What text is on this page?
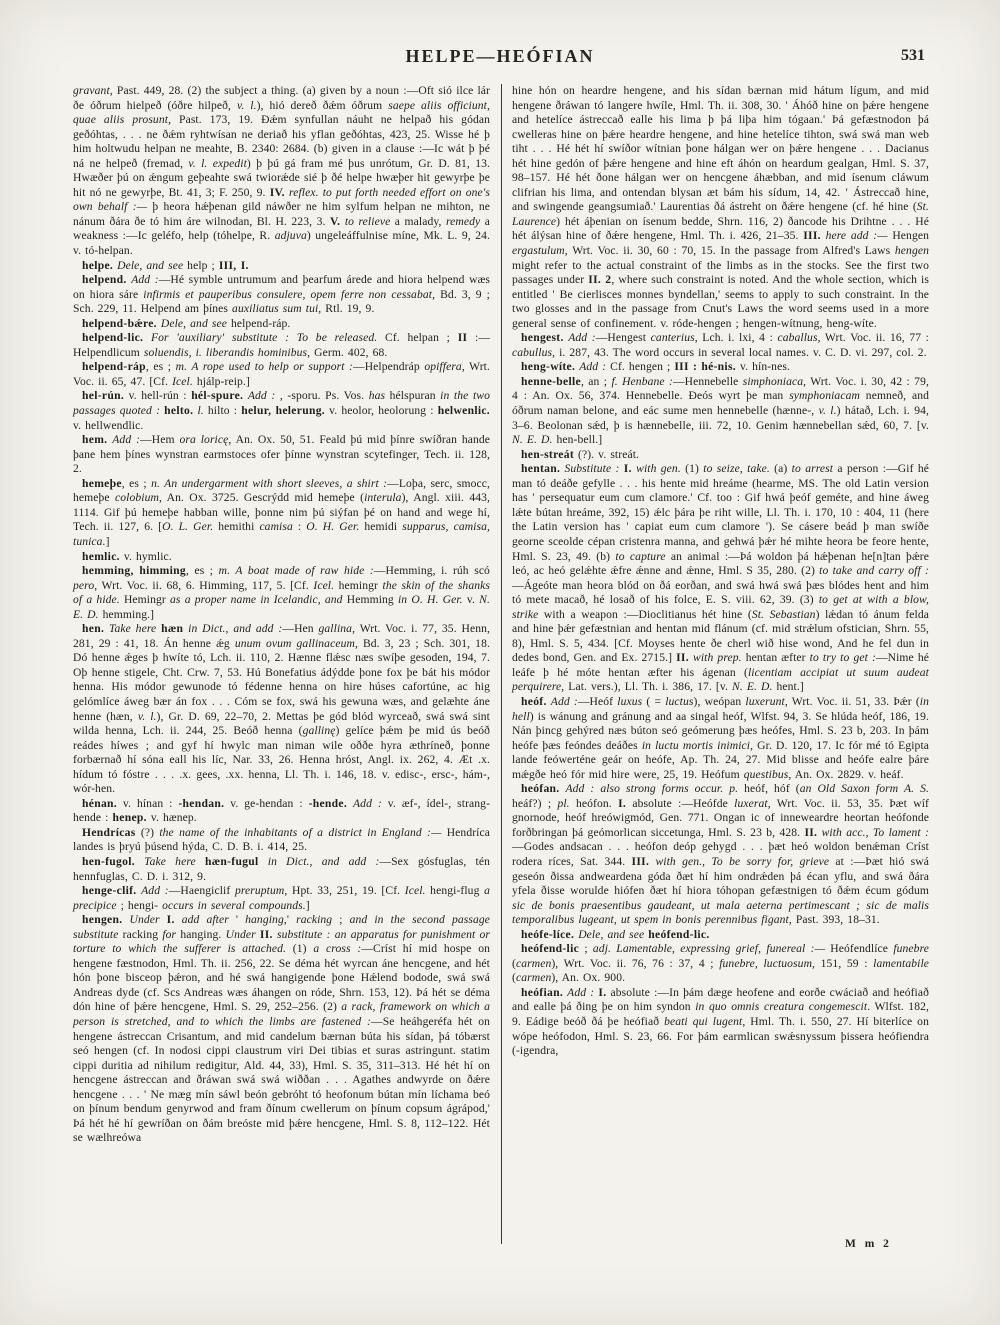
HELPE—HEÓFIAN	531

gravant, Past. 449, 28. (2) the subject a thing. (a) given by a noun :—Oft sió ilce lár ðe óðrum hielpeð (óðre hilpeð, v. l.), hió dereð ðǽm óðrum saepe aliis officiunt, quae aliis prosunt, Past. 173, 19. Ðǽm synfullan náuht ne helpað his gódan geðóhtas, . . . ne ðǽm ryhtwísan ne deriað his yflan geðóhtas, 423, 25. Wisse hé þ him holtwudu helpan ne meahte, B. 2340: 2684. (b) given in a clause :—Ic wát þ þé ná ne helpeð (fremad, v. l. expedit) þ þú gá fram mé þus unrótum, Gr. D. 81, 13. Hwæðer þú on ǽngum geþeahte swá twiorǽde sié þ ðé helpe hwæþer hit gewyrþe þe hit nó ne gewyrþe, Bt. 41, 3; F. 250, 9. IV. reflex. to put forth needed effort on one's own behalf :— þ heora hǽþenan gild náwðer ne him sylfum helpan ne mihton, ne nánum ðára ðe tó him áre wilnodan, Bl. H. 223, 3. V. to relieve a malady, remedy a weakness :—Ic geléfo, help (tóhelpe, R. adjuva) ungeleáffulnise míne, Mk. L. 9, 24. v. tó-helpan.

helpe. Dele, and see help ; III, I.

helpend. Add :—Hé symble untrumum and þearfum árede and hiora helpend wæs on hiora sáre infirmis et pauperibus consulere, opem ferre non cessabat, Bd. 3, 9 ; Sch. 229, 11. Helpend am þínes auxiliatus sum tui, Rtl. 19, 9.

helpend-bǽre. Dele, and see helpend-ráp.

helpend-lic. For 'auxiliary' substitute : To be released. Cf. helpan ; II :—Helpendlicum soluendis, i. liberandis hominibus, Germ. 402, 68.

helpend-ráp, es ; m. A rope used to help or support :—Helpendráp opiffera, Wrt. Voc. ii. 65, 47. [Cf. Icel. hjálp-reip.]

hel-rún. v. hell-rún : hél-spure. Add : , -sporu. Ps. Vos. has hélspuran in the two passages quoted : helto. l. hilto : helur, helerung. v. heolor, heolorung : helwenlic. v. hellwendlic.

hem. Add :—Hem ora loricę, An. Ox. 50, 51. Feald þú mid þínre swíðran hande þane hem þínes wynstran earmstoces ofer þínne wynstran scytefinger, Tech. ii. 128, 2.

hemeþe, es ; n. An undergarment with short sleeves, a shirt :—Loþa, serc, smocc, hemeþe colobium, An. Ox. 3725. Gescrýdd mid hemeþe (interula), Angl. xiii. 443, 1114. Gif þú hemeþe habban wille, þonne nim þú siýfan þé on hand and wege hí, Tech. ii. 127, 6. [O. L. Ger. hemithi camisa : O. H. Ger. hemidi supparus, camisa, tunica.]

hemlic. v. hymlic.

hemming, himming, es ; m. A boat made of raw hide :—Hemming, i. rúh scó pero, Wrt. Voc. ii. 68, 6. Himming, 117, 5. [Cf. Icel. hemingr the skin of the shanks of a hide. Hemingr as a proper name in Icelandic, and Hemming in O. H. Ger. v. N. E. D. hemming.]

hen. Take here hæn in Dict., and add :—Hen gallina, Wrt. Voc. i. 77, 35. Henn, 281, 29 : 41, 18. Án henne ǽg unum ovum gallinaceum, Bd. 3, 23 ; Sch. 301, 18. Dó henne ǽges þ hwíte tó, Lch. ii. 110, 2. Hænne flǽsc næs swíþe gesoden, 194, 7. Oþ henne stigele, Cht. Crw. 7, 53. Hú Bonefatius ádýdde þone fox þe bát his módor henna. His módor gewunode tó fédenne henna on hire húses cafortúne, ac hig gelómlíce áweg bær án fox . . . Cóm se fox, swá his gewuna wæs, and gelæhte áne henne (hæn, v. l.), Gr. D. 69, 22–70, 2. Mettas þe gód blód wyrceað, swá swá sint wilda henna, Lch. ii. 244, 25. Beóð henna (gallinę) gelíce þǽm þe mid ús beóð reádes híwes ; and gyf hí hwylc man niman wile oððe hyra æthríneð, þonne forbærnað hí sóna eall his líc, Nar. 33, 26. Henna hróst, Angl. ix. 262, 4. Æt .x. hídum tó fóstre . . . .x. gees, .xx. henna, Ll. Th. i. 146, 18. v. edisc-, ersc-, hám-, wór-hen.

hénan. v. hínan : -hendan. v. ge-hendan : -hende. Add : v. æf-, ídel-, strang-hende : henep. v. hænep.

Hendrícas (?) the name of the inhabitants of a district in England :— Hendríca landes is þryú þúsend hýda, C. D. B. i. 414, 25.

hen-fugol. Take here hæn-fugul in Dict., and add :—Sex gósfuglas, tén hennfuglas, C. D. i. 312, 9.

henge-clif. Add :—Haengiclif preruptum, Hpt. 33, 251, 19. [Cf. Icel. hengi-flug a precipice ; hengi- occurs in several compounds.]

hengen. Under I. add after ' hanging,' racking ; and in the second passage substitute racking for hanging. Under II. substitute : an apparatus for punishment or torture to which the sufferer is attached. (1) a cross :—Críst hí mid hospe on hengene fæstnodon, Hml. Th. ii. 256, 22. Se déma hét wyrcan áne hencgene, and hét hón þone bisceop þǽron, and hé swá hangigende þone Hǽlend bodode, swá swá Andreas dyde (cf. Scs Andreas wæs áhangen on róde, Shrn. 153, 12). Þá hét se déma dón hine of þǽre hencgene, Hml. S. 29, 252–256. (2) a rack, framework on which a person is stretched, and to which the limbs are fastened :—Se heáhgeréfa hét on hengene ástreccan Crisantum, and mid candelum bærnan búta his sídan, þá tóbærst seó hengen (cf. In nodosi cippi claustrum viri Dei tibias et suras astringunt. statim cippi duritia ad nihilum redigitur, Ald. 44, 33), Hml. S. 35, 311–313. Hé hét hí on hencgene ástreccan and ðráwan swá swá wiððan . . . Agathes andwyrde on ðǽre hencgene . . . ' Ne mæg mín sáwl beón gebróht tó heofonum bútan mín líchama beó on þínum bendum genyrwod and fram ðínum cwellerum on þínum copsum ágrápod,' Þá hét hé hí gewríðan on ðám breóste mid þǽre hencgene, Hml. S. 8, 112–122. Hét se wælhreówa

hine hón on heardre hengene, and his sídan bærnan mid hátum lígum, and mid hengene ðráwan tó langere hwíle, Hml. Th. ii. 308, 30. ' Áhóð hine on þǽre hengene and hetelíce ástreccað ealle his lima þ þá liþa him tógaan.' Þá gefæstnodon þá cwelleras hine on þǽre heardre hengene, and hine hetelíce tihton, swá swá man web tiht . . . Hé hét hí swíðor wítnian þone hálgan wer on þǽre hengene . . . Dacianus hét hine gedón of þǽre hengene and hine eft áhón on heardum gealgan, Hml. S. 37, 98–157. Hé hét ðone hálgan wer on hencgene áhæbban, and mid ísenum cláwum clifrian his lima, and ontendan blysan æt bám his sídum, 14, 42. ' Ástreccað hine, and swingende geangsumiað.' Laurentias ðá ástreht on ðǽre hengene (cf. hé hine (St. Laurence) hét áþenian on ísenum bedde, Shrn. 116, 2) ðancode his Drihtne . . . Hé hét álýsan hine of ðǽre hengene, Hml. Th. i. 426, 21–35. III. here add :— Hengen ergastulum, Wrt. Voc. ii. 30, 60 : 70, 15. In the passage from Alfred's Laws hengen might refer to the actual constraint of the limbs as in the stocks. See the first two passages under II. 2, where such constraint is noted. And the whole section, which is entitled ' Be cierlisces monnes byndellan,' seems to apply to such constraint. In the two glosses and in the passage from Cnut's Laws the word seems used in a more general sense of confinement. v. róde-hengen ; hengen-wítnung, heng-wíte.

hengest. Add :—Hengest canterius, Lch. i. lxi, 4 : caballus, Wrt. Voc. ii. 16, 77 : cabullus, i. 287, 43. The word occurs in several local names. v. C. D. vi. 297, col. 2.

heng-wíte. Add : Cf. hengen ; III : hé-nis. v. hín-nes.

henne-belle, an ; f. Henbane :—Hennebelle simphoniaca, Wrt. Voc. i. 30, 42 : 79, 4 : An. Ox. 56, 374. Hennebelle. Ðeós wyrt þe man symphoniacam nemneð, and óðrum naman belone, and eác sume men hennebelle (hænne-, v. l.) hátað, Lch. i. 94, 3–6. Beolonan sǽd, þ is hænnebelle, iii. 72, 10. Genim hænnebellan sǽd, 60, 7. [v. N. E. D. hen-bell.]

hen-streát (?). v. streát.

hentan. Substitute : I. with gen. (1) to seize, take. (a) to arrest a person :—Gif hé man tó deáðe gefylle . . . his hente mid hreáme (hearme, MS. The old Latin version has ' persequatur eum cum clamore.' Cf. too : Gif hwá þeóf geméte, and hine áweg lǽte bútan hreáme, 392, 15) ǽlc þára þe riht wille, Ll. Th. i. 170, 10 : 404, 11 (here the Latin version has ' capiat eum cum clamore '). Se cásere beád þ man swíðe georne sceolde cépan cristenra manna, and gehwá þǽr hé mihte heora be feore hente, Hml. S. 23, 49. (b) to capture an animal :—Þá woldon þá hǽþenan he[n]tan þǽre leó, ac heó gelǽhte ǽfre ǽnne and ǽnne, Hml. S 35, 280. (2) to take and carry off :—Ágeóte man heora blód on ðá eorðan, and swá hwá swá þæs blódes hent and him tó mete macað, hé losað of his folce, E. S. viii. 62, 39. (3) to get at with a blow, strike with a weapon :—Dioclitianus hét hine (St. Sebastian) lǽdan tó ánum felda and hine þǽr gefæstnian and hentan mid flánum (cf. mid strǽlum ofstician, Shrn. 55, 8), Hml. S. 5, 434. [Cf. Moyses hente ðe cherl wið hise wond, And he fel dun in dedes bond, Gen. and Ex. 2715.] II. with prep. hentan æfter to try to get :—Nime hé leáfe þ hé móte hentan æfter his ágenan (licentiam accipiat ut suum audeat perquirere, Lat. vers.), Ll. Th. i. 386, 17. [v. N. E. D. hent.]

heóf. Add :—Heóf luxus ( = luctus), weópan luxerunt, Wrt. Voc. ii. 51, 33. Þǽr (in hell) is wánung and gránung and aa singal heóf, Wlfst. 94, 3. Se hlúda heóf, 186, 19. Nán þincg gehýred næs búton seó geómerung þæs heófes, Hml. S. 23 b, 203. In þám heófe þæs feóndes deáðes in luctu mortis inimici, Gr. D. 120, 17. Ic fór mé tó Egipta lande feówerténe geár on heófe, Ap. Th. 24, 27. Mid blisse and heófe ealre þáre mǽgðe heó fór mid hire were, 25, 19. Heófum questibus, An. Ox. 2829. v. heáf.

heófan. Add : also strong forms occur. p. heóf, hóf (an Old Saxon form A. S. heáf?) ; pl. heófon. I. absolute :—Heófde luxerat, Wrt. Voc. ii. 53, 35. Þæt wíf gnornode, heóf hreówigmód, Gen. 771. Ongan ic of inneweardre heortan heófonde forðbringan þá geómorlican siccetunga, Hml. S. 23 b, 428. II. with acc., To lament :—Godes andsacan . . . heófon deóp gehygd . . . þæt heó woldon benǽman Críst rodera ríces, Sat. 344. III. with gen., To be sorry for, grieve at :—Þæt hió swá geseón ðissa andweardena góda ðæt hí him ondrǽden þá écan yflu, and swá ðára yfela ðisse worulde hiófen ðæt hí hiora tóhopan gefæstnigen tó ðǽm écum gódum sic de bonis praesentibus gaudeant, ut mala aeterna pertimescant ; sic de malis temporalibus lugeant, ut spem in bonis perennibus figant, Past. 393, 18–31.

heófe-líce. Dele, and see heófend-lic.

heófend-lic ; adj. Lamentable, expressing grief, funereal :— Heófendlíce funebre (carmen), Wrt. Voc. ii. 76, 76 : 37, 4 ; funebre, luctuosum, 151, 59 : lamentabile (carmen), An. Ox. 900.

heófian. Add : I. absolute :—In þám dæge heofene and eorðe cwáciað and heófiað and ealle þá ðing þe on him syndon in quo omnis creatura congemescit. Wlfst. 182, 9. Eádige beóð ðá þe heófiað beati qui lugent, Hml. Th. i. 550, 27. Hí biterlíce on wópe heófodon, Hml. S. 23, 66. For þám earmlican swǽsnyssum þissera heófiendra (-igendra,

M m 2
